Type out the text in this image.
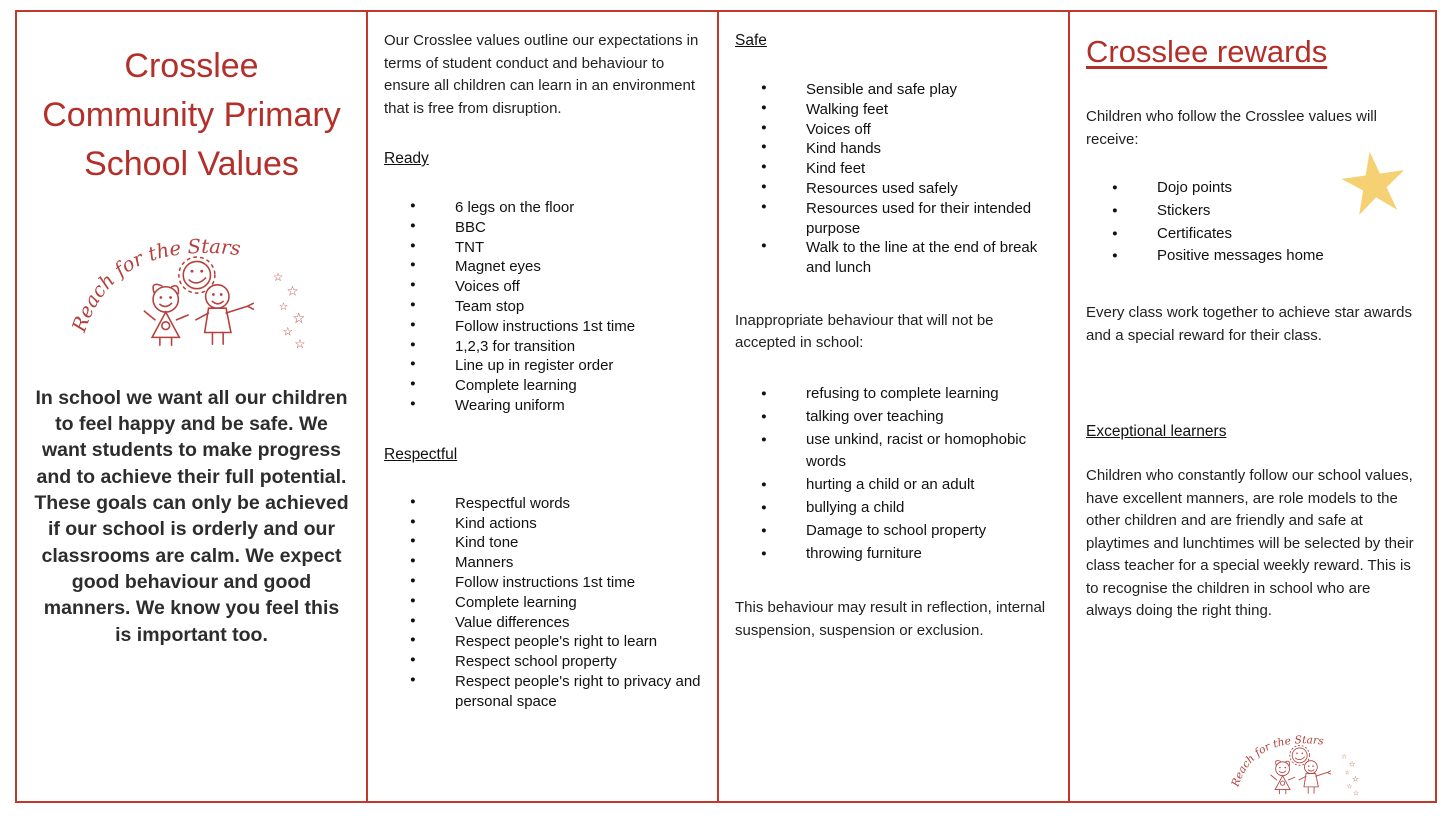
Crosslee Community Primary School Values

In school we want all our children to feel happy and be safe. We want students to make progress and to achieve their full potential. These goals can only be achieved if our school is orderly and our classrooms are calm. We expect good behaviour and good manners. We know you feel this is important too.

Our Crosslee values outline our expectations in terms of student conduct and behaviour to ensure all children can learn in an environment that is free from disruption.

Ready
● 6 legs on the floor
● BBC
● TNT
● Magnet eyes
● Voices off
● Team stop
● Follow instructions 1st time
● 1,2,3 for transition
● Line up in register order
● Complete learning
● Wearing uniform
Respectful
● Respectful words
● Kind actions
● Kind tone
● Manners
● Follow instructions 1st time
● Complete learning
● Value differences
● Respect people's right to learn
● Respect school property
● Respect people's right to privacy and personal space
Safe
● Sensible and safe play
● Walking feet
● Voices off
● Kind hands
● Kind feet
● Resources used safely
● Resources used for their intended purpose
● Walk to the line at the end of break and lunch

Inappropriate behaviour that will not be accepted in school:

● refusing to complete learning
● talking over teaching
● use unkind, racist or homophobic words
● hurting a child or an adult
● bullying a child
● Damage to school property
● throwing furniture

This behaviour may result in reflection, internal suspension, suspension or exclusion.

Crosslee rewards

Children who follow the Crosslee values will receive:

● Dojo points
● Stickers
● Certificates
● Positive messages home

Every class work together to achieve star awards and a special reward for their class.

Exceptional learners

Children who constantly follow our school values, have excellent manners, are role models to the other children and are friendly and safe at playtimes and lunchtimes will be selected by their class teacher for a special weekly reward. This is to recognise the children in school who are always doing the right thing.
